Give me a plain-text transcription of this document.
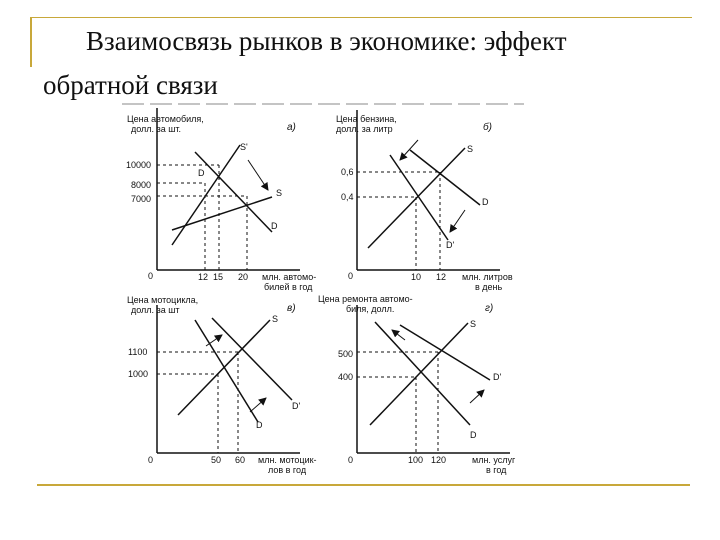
Взаимосвязь рынков в экономике: эффект
обратной связи
Цена автомобиля,
долл. за шт.	а)
0	млн. автомо-
билей в год
10000
8000
7000
12 15 20
S'
S
D
D
Цена бензина,
долл. за литр	б)
0	млн. литров
в день
0,6
0,4
10 12
S
D
D'
Цена мотоцикла,
долл. за шт	в)
0	млн. мотоцик-
лов в год
1100
1000
50 60
S
D'
D
Цена ремонта автомо-
биля, долл.	г)
0	млн. услуг
в год
500
400
100 120
S
D'
D
